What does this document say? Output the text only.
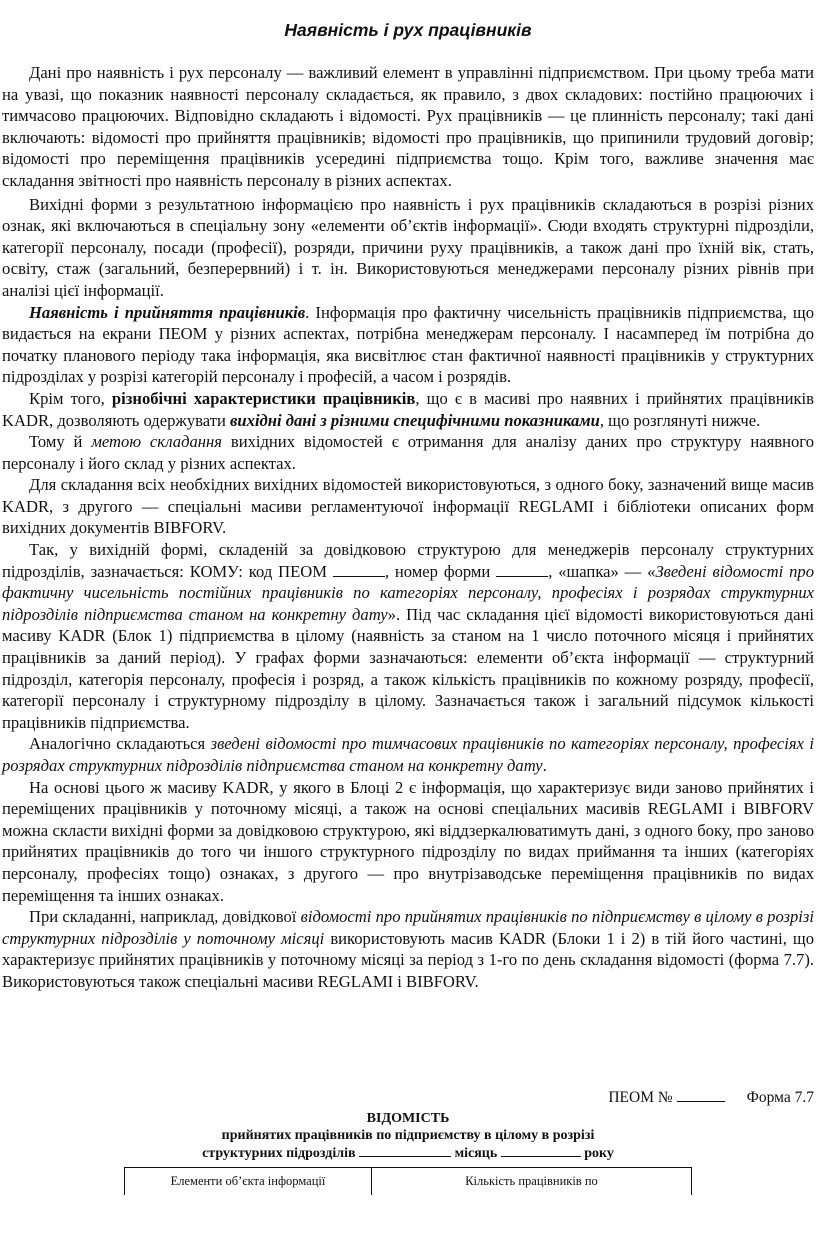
Наявність і рух працівників

Дані про наявність і рух персоналу — важливий елемент в управлінні підприємством. При цьому треба мати на увазі, що показник наявності персоналу складається, як правило, з двох складових: постійно працюючих і тимчасово працюючих. Відповідно складають і відомості. Рух працівників — це плинність персоналу; такі дані включають: відомості про прийняття працівників; відомості про працівників, що припинили трудовий договір; відомості про переміщення працівників усередині підприємства тощо. Крім того, важливе значення має складання звітності про наявність персоналу в різних аспектах.

Вихідні форми з результатною інформацією про наявність і рух працівників складаються в розрізі різних ознак, які включаються в спеціальну зону «елементи об’єктів інформації». Сюди входять структурні підрозділи, категорії персоналу, посади (професії), розряди, причини руху працівників, а також дані про їхній вік, стать, освіту, стаж (загальний, безперервний) і т. ін. Використовуються менеджерами персоналу різних рівнів при аналізі цієї інформації.

Наявність і прийняття працівників. Інформація про фактичну чисельність працівників підприємства, що видається на екрани ПЕОМ у різних аспектах, потрібна менеджерам персоналу. І насамперед їм потрібна до початку планового періоду така інформація, яка висвітлює стан фактичної наявності працівників у структурних підрозділах у розрізі категорій персоналу і професій, а часом і розрядів.

Крім того, різнобічні характеристики працівників, що є в масиві про наявних і прийнятих працівників KADR, дозволяють одержувати вихідні дані з різними специфічними показниками, що розглянуті нижче.

Тому й метою складання вихідних відомостей є отримання для аналізу даних про структуру наявного персоналу і його склад у різних аспектах.

Для складання всіх необхідних вихідних відомостей використовуються, з одного боку, зазначений вище масив KADR, з другого — спеціальні масиви регламентуючої інформації REGLAMI і бібліотеки описаних форм вихідних документів BIBFORV.

Так, у вихідній формі, складеній за довідковою структурою для менеджерів персоналу структурних підрозділів, зазначається: КОМУ: код ПЕОМ	, номер форми	, «шапка» — «Зведені відомості про фактичну чисельність постійних працівників по категоріях персоналу, професіях і розрядах структурних підрозділів підприємства станом на конкретну дату». Під час складання цієї відомості використовуються дані масиву KADR (Блок 1) підприємства в цілому (наявність за станом на 1 число поточного місяця і прийнятих працівників за даний період). У графах форми зазначаються: елементи об’єкта інформації — структурний підрозділ, категорія персоналу, професія і розряд, а також кількість працівників по кожному розряду, професії, категорії персоналу і структурному підрозділу в цілому. Зазначається також і загальний підсумок кількості працівників підприємства.

Аналогічно складаються зведені відомості про тимчасових працівників по категоріях персоналу, професіях і розрядах структурних підрозділів підприємства станом на конкретну дату.

На основі цього ж масиву KADR, у якого в Блоці 2 є інформація, що характеризує види заново прийнятих і переміщених працівників у поточному місяці, а також на основі спеціальних масивів REGLAMI і BIBFORV можна скласти вихідні форми за довідковою структурою, які віддзеркалюватимуть дані, з одного боку, про заново прийнятих працівників до того чи іншого структурного підрозділу по видах приймання та інших (категоріях персоналу, професіях тощо) ознаках, з другого — про внутрізаводське переміщення працівників по видах переміщення та інших ознаках.

При складанні, наприклад, довідкової відомості про прийнятих працівників по підприємству в цілому в розрізі структурних підрозділів у поточному місяці використовують масив KADR (Блоки 1 і 2) в тій його частині, що характеризує прийнятих працівників у поточному місяці за період з 1-го по день складання відомості (форма 7.7). Використовуються також спеціальні масиви REGLAMI і BIBFORV.

ПЕОМ №	Форма 7.7
ВІДОМІСТЬ
прийнятих працівників по підприємству в цілому в розрізі
структурних підрозділів	місяць	року
Елементи об’єкта інформації	Кількість працівників по
